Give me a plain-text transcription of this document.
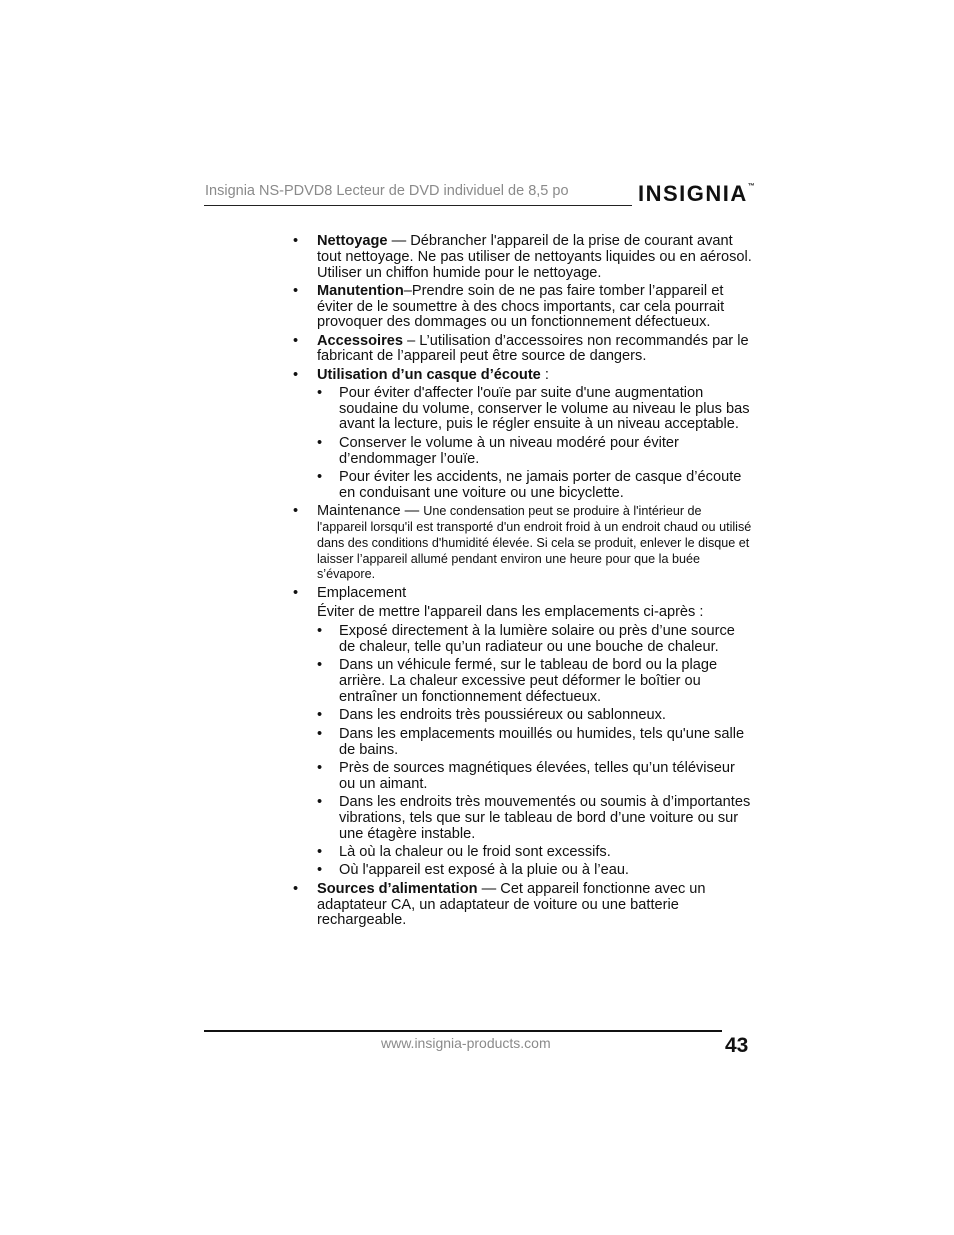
Insignia NS-PDVD8 Lecteur de DVD individuel de 8,5 po	INSIGNIA™
• Nettoyage — Débrancher l'appareil de la prise de courant avant tout nettoyage. Ne pas utiliser de nettoyants liquides ou en aérosol. Utiliser un chiffon humide pour le nettoyage.
• Manutention–Prendre soin de ne pas faire tomber l’appareil et éviter de le soumettre à des chocs importants, car cela pourrait provoquer des dommages ou un fonctionnement défectueux.
• Accessoires – L’utilisation d’accessoires non recommandés par le fabricant de l’appareil peut être source de dangers.
• Utilisation d’un casque d’écoute :
• Pour éviter d'affecter l'ouïe par suite d'une augmentation soudaine du volume, conserver le volume au niveau le plus bas avant la lecture, puis le régler ensuite à un niveau acceptable.
• Conserver le volume à un niveau modéré pour éviter d’endommager l’ouïe.
• Pour éviter les accidents, ne jamais porter de casque d’écoute en conduisant une voiture ou une bicyclette.
• Maintenance — Une condensation peut se produire à l'intérieur de l'appareil lorsqu'il est transporté d'un endroit froid à un endroit chaud ou utilisé dans des conditions d'humidité élevée. Si cela se produit, enlever le disque et laisser l’appareil allumé pendant environ une heure pour que la buée s’évapore.
• Emplacement
Éviter de mettre l'appareil dans les emplacements ci-après :
• Exposé directement à la lumière solaire ou près d’une source de chaleur, telle qu’un radiateur ou une bouche de chaleur.
• Dans un véhicule fermé, sur le tableau de bord ou la plage arrière. La chaleur excessive peut déformer le boîtier ou entraîner un fonctionnement défectueux.
• Dans les endroits très poussiéreux ou sablonneux.
• Dans les emplacements mouillés ou humides, tels qu'une salle de bains.
• Près de sources magnétiques élevées, telles qu’un téléviseur ou un aimant.
• Dans les endroits très mouvementés ou soumis à d’importantes vibrations, tels que sur le tableau de bord d’une voiture ou sur une étagère instable.
• Là où la chaleur ou le froid sont excessifs.
• Où l'appareil est exposé à la pluie ou à l’eau.
• Sources d’alimentation — Cet appareil fonctionne avec un adaptateur CA, un adaptateur de voiture ou une batterie rechargeable.
www.insignia-products.com	43
